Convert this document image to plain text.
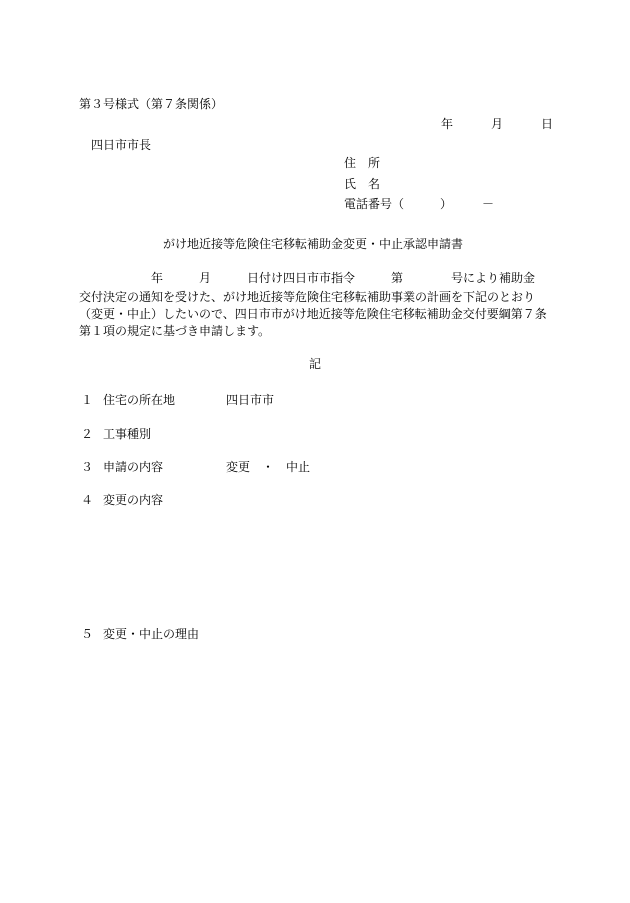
第３号様式（第７条関係）
年	月	日
四日市市長
住　所
氏　名
電話番号（　　　）　　　－
がけ地近接等危険住宅移転補助金変更・中止承認申請書
年　　　月　　　日付け四日市市指令　　　第　　　　号により補助金
交付決定の通知を受けた、がけ地近接等危険住宅移転補助事業の計画を下記のとおり
（変更・中止）したいので、四日市市がけ地近接等危険住宅移転補助金交付要綱第７条
第１項の規定に基づき申請します。
記
１ 住宅の所在地	四日市市
２ 工事種別
３ 申請の内容	変更　・　中止
４ 変更の内容
５ 変更・中止の理由
